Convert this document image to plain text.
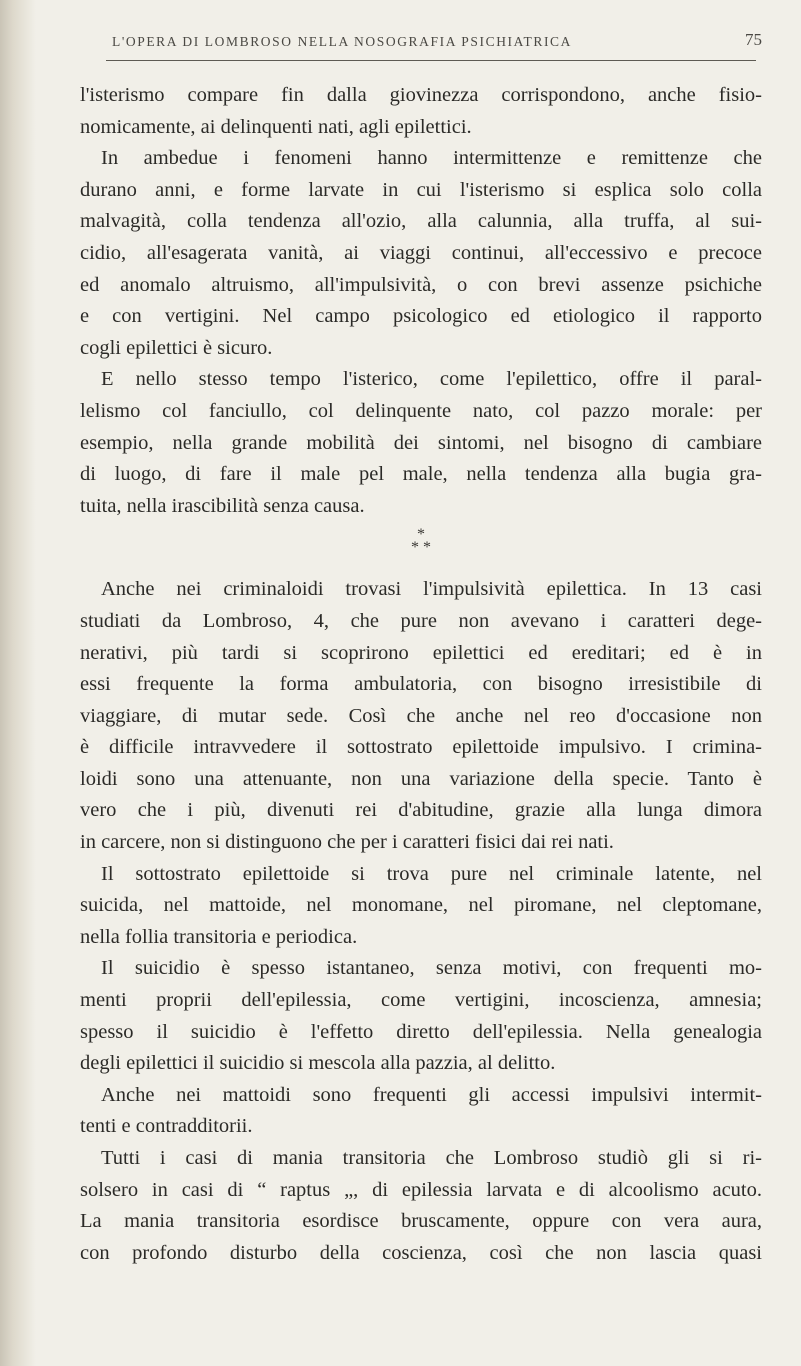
L'OPERA DI LOMBROSO NELLA NOSOGRAFIA PSICHIATRICA	75
l'isterismo compare fin dalla giovinezza corrispondono, anche fisio-
nomicamente, ai delinquenti nati, agli epilettici.
In ambedue i fenomeni hanno intermittenze e remittenze che
durano anni, e forme larvate in cui l'isterismo si esplica solo colla
malvagità, colla tendenza all'ozio, alla calunnia, alla truffa, al sui-
cidio, all'esagerata vanità, ai viaggi continui, all'eccessivo e precoce
ed anomalo altruismo, all'impulsività, o con brevi assenze psichiche
e con vertigini. Nel campo psicologico ed etiologico il rapporto
cogli epilettici è sicuro.
E nello stesso tempo l'isterico, come l'epilettico, offre il paral-
lelismo col fanciullo, col delinquente nato, col pazzo morale: per
esempio, nella grande mobilità dei sintomi, nel bisogno di cambiare
di luogo, di fare il male pel male, nella tendenza alla bugia gra-
tuita, nella irascibilità senza causa.
*
* *
Anche nei criminaloidi trovasi l'impulsività epilettica. In 13 casi
studiati da Lombroso, 4, che pure non avevano i caratteri dege-
nerativi, più tardi si scoprirono epilettici ed ereditari; ed è in
essi frequente la forma ambulatoria, con bisogno irresistibile di
viaggiare, di mutar sede. Così che anche nel reo d'occasione non
è difficile intravvedere il sottostrato epilettoide impulsivo. I crimina-
loidi sono una attenuante, non una variazione della specie. Tanto è
vero che i più, divenuti rei d'abitudine, grazie alla lunga dimora
in carcere, non si distinguono che per i caratteri fisici dai rei nati.
Il sottostrato epilettoide si trova pure nel criminale latente, nel
suicida, nel mattoide, nel monomane, nel piromane, nel cleptomane,
nella follia transitoria e periodica.
Il suicidio è spesso istantaneo, senza motivi, con frequenti mo-
menti proprii dell'epilessia, come vertigini, incoscienza, amnesia;
spesso il suicidio è l'effetto diretto dell'epilessia. Nella genealogia
degli epilettici il suicidio si mescola alla pazzia, al delitto.
Anche nei mattoidi sono frequenti gli accessi impulsivi intermit-
tenti e contradditorii.
Tutti i casi di mania transitoria che Lombroso studiò gli si ri-
solsero in casi di “ raptus „, di epilessia larvata e di alcoolismo acuto.
La mania transitoria esordisce bruscamente, oppure con vera aura,
con profondo disturbo della coscienza, così che non lascia quasi
